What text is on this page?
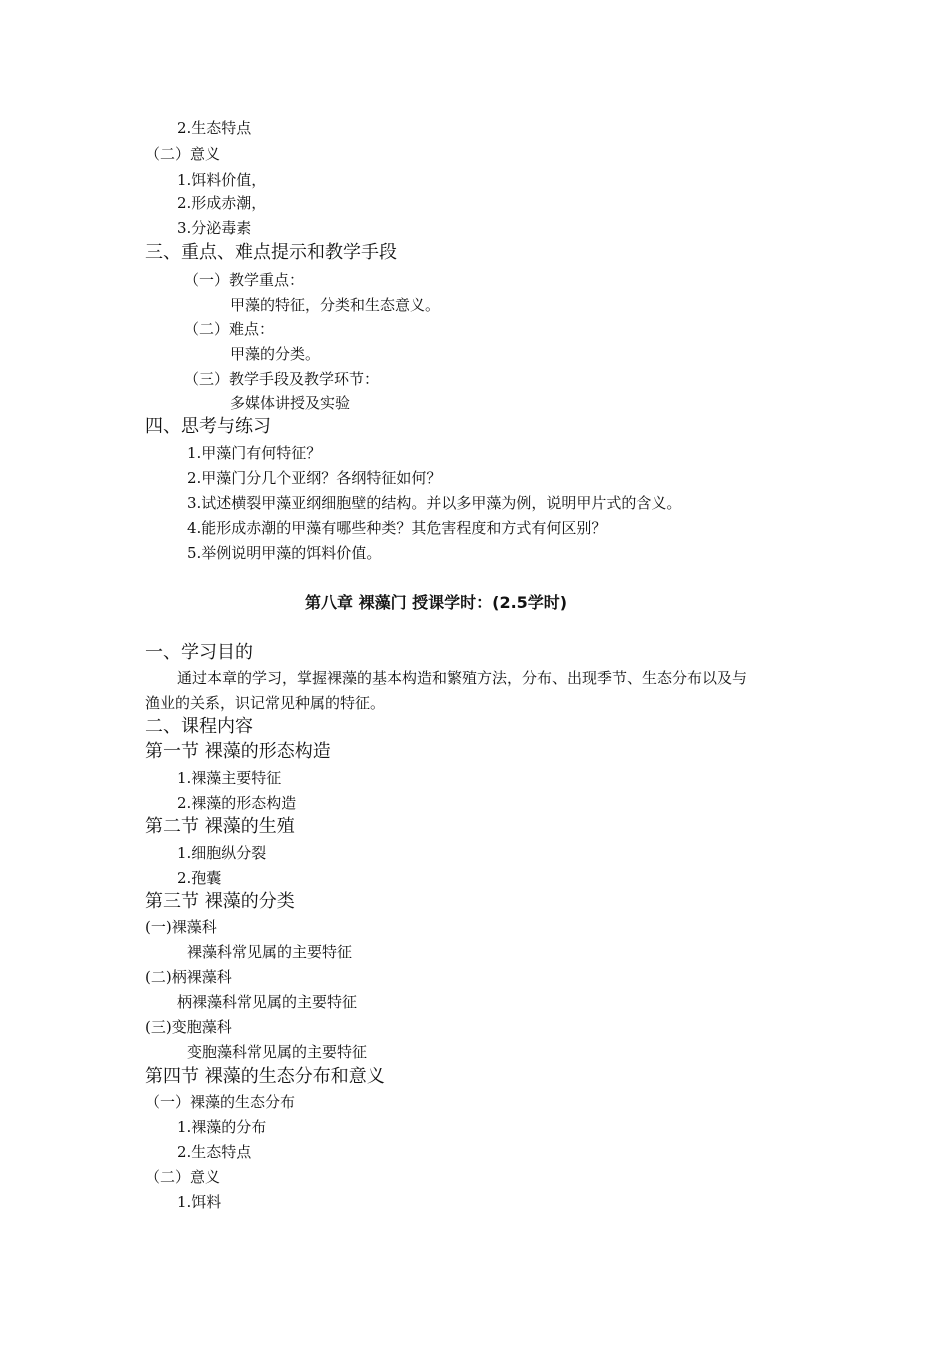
2.生态特点
（二）意义
1.饵料价值，
2.形成赤潮，
3.分泌毒素
三、重点、难点提示和教学手段
（一）教学重点：
甲藻的特征，分类和生态意义。
（二）难点：
甲藻的分类。
（三）教学手段及教学环节：
多媒体讲授及实验
四、思考与练习
1.甲藻门有何特征？
2.甲藻门分几个亚纲？各纲特征如何？
3.试述横裂甲藻亚纲细胞壁的结构。并以多甲藻为例，说明甲片式的含义。
4.能形成赤潮的甲藻有哪些种类？其危害程度和方式有何区别？
5.举例说明甲藻的饵料价值。
第八章 裸藻门 授课学时：(2.5学时)
一、学习目的
通过本章的学习，掌握裸藻的基本构造和繁殖方法，分布、出现季节、生态分布以及与
渔业的关系，识记常见种属的特征。
二、课程内容
第一节 裸藻的形态构造
1.裸藻主要特征
2.裸藻的形态构造
第二节 裸藻的生殖
1.细胞纵分裂
2.孢囊
第三节 裸藻的分类
(一)裸藻科
裸藻科常见属的主要特征
(二)柄裸藻科
柄裸藻科常见属的主要特征
(三)变胞藻科
变胞藻科常见属的主要特征
第四节 裸藻的生态分布和意义
（一）裸藻的生态分布
1.裸藻的分布
2.生态特点
（二）意义
1.饵料
